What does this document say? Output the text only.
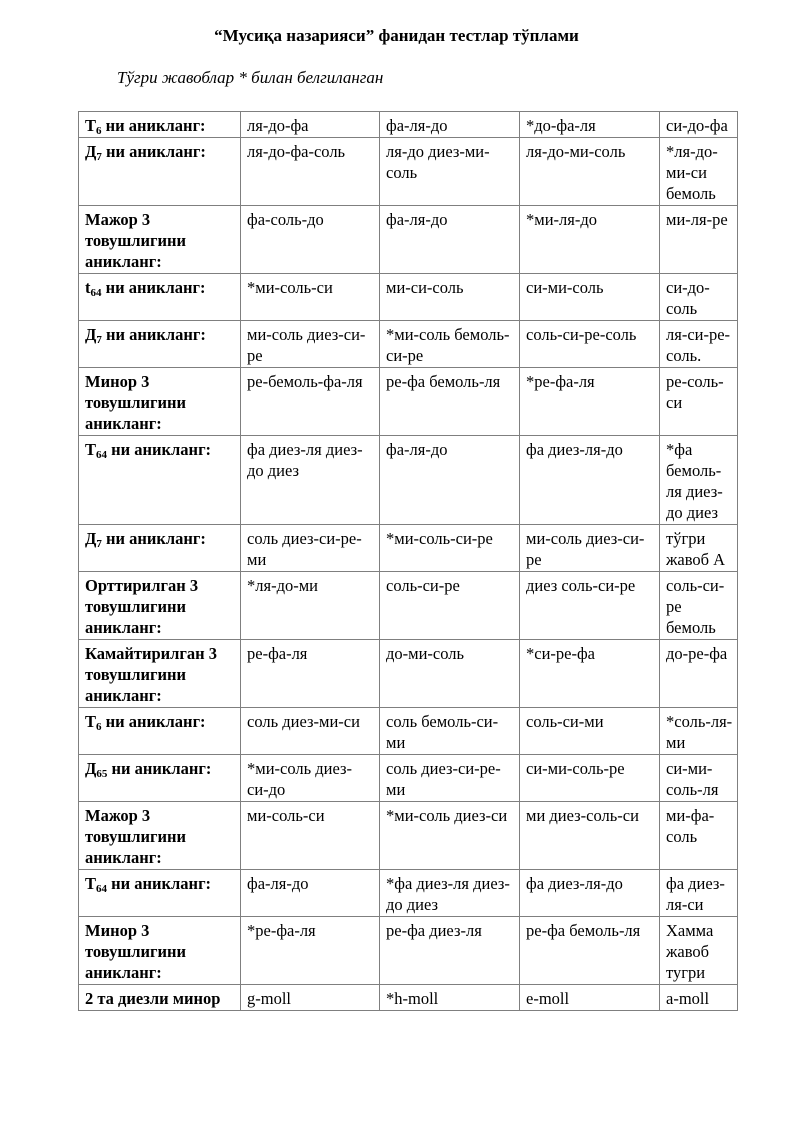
“Мусиқа назарияси” фанидан тестлар тўплами
Тўгри жавоблар * билан белгиланган
$Т_6$ ни аникланг:	ля-до-фа	фа-ля-до	*до-фа-ля	си-до-фа
$Д_7$ ни аникланг:	ля-до-фа-соль	ля-до диез-ми-соль	ля-до-ми-соль	*ля-до-ми-си бемоль
Мажор 3 товушлигини аникланг:	фа-соль-до	фа-ля-до	*ми-ля-до	ми-ля-ре
$t_{64}$ ни аникланг:	*ми-соль-си	ми-си-соль	си-ми-соль	си-до-соль
$Д_7$ ни аникланг:	ми-соль диез-си-ре	*ми-соль бемоль-си-ре	соль-си-ре-соль	ля-си-ре-соль.
Минор 3 товушлигини аникланг:	ре-бемоль-фа-ля	ре-фа бемоль-ля	*ре-фа-ля	ре-соль-си
$Т_{64}$ ни аникланг:	фа диез-ля диез-до диез	фа-ля-до	фа диез-ля-до	*фа бемоль-ля диез-до диез
$Д_7$ ни аникланг:	соль диез-си-ре-ми	*ми-соль-си-ре	ми-соль диез-си-ре	тўгри жавоб А
Орттирилган 3 товушлигини аникланг:	*ля-до-ми	соль-си-ре	диез соль-си-ре	соль-си-ре бемоль
Камайтирилган 3 товушлигини аникланг:	ре-фа-ля	до-ми-соль	*си-ре-фа	до-ре-фа
$Т_6$ ни аникланг:	соль диез-ми-си	соль бемоль-си-ми	соль-си-ми	*соль-ля-ми
$Д_{65}$ ни аникланг:	*ми-соль диез-си-до	соль диез-си-ре-ми	си-ми-соль-ре	си-ми-соль-ля
Мажор 3 товушлигини аникланг:	ми-соль-си	*ми-соль диез-си	ми диез-соль-си	ми-фа-соль
$Т_{64}$ ни аникланг:	фа-ля-до	*фа диез-ля диез-до диез	фа диез-ля-до	фа диез-ля-си
Минор 3 товушлигини аникланг:	*ре-фа-ля	ре-фа диез-ля	ре-фа бемоль-ля	Хамма жавоб тугри
2 та диезли минор	g-moll	*h-moll	e-moll	a-moll
